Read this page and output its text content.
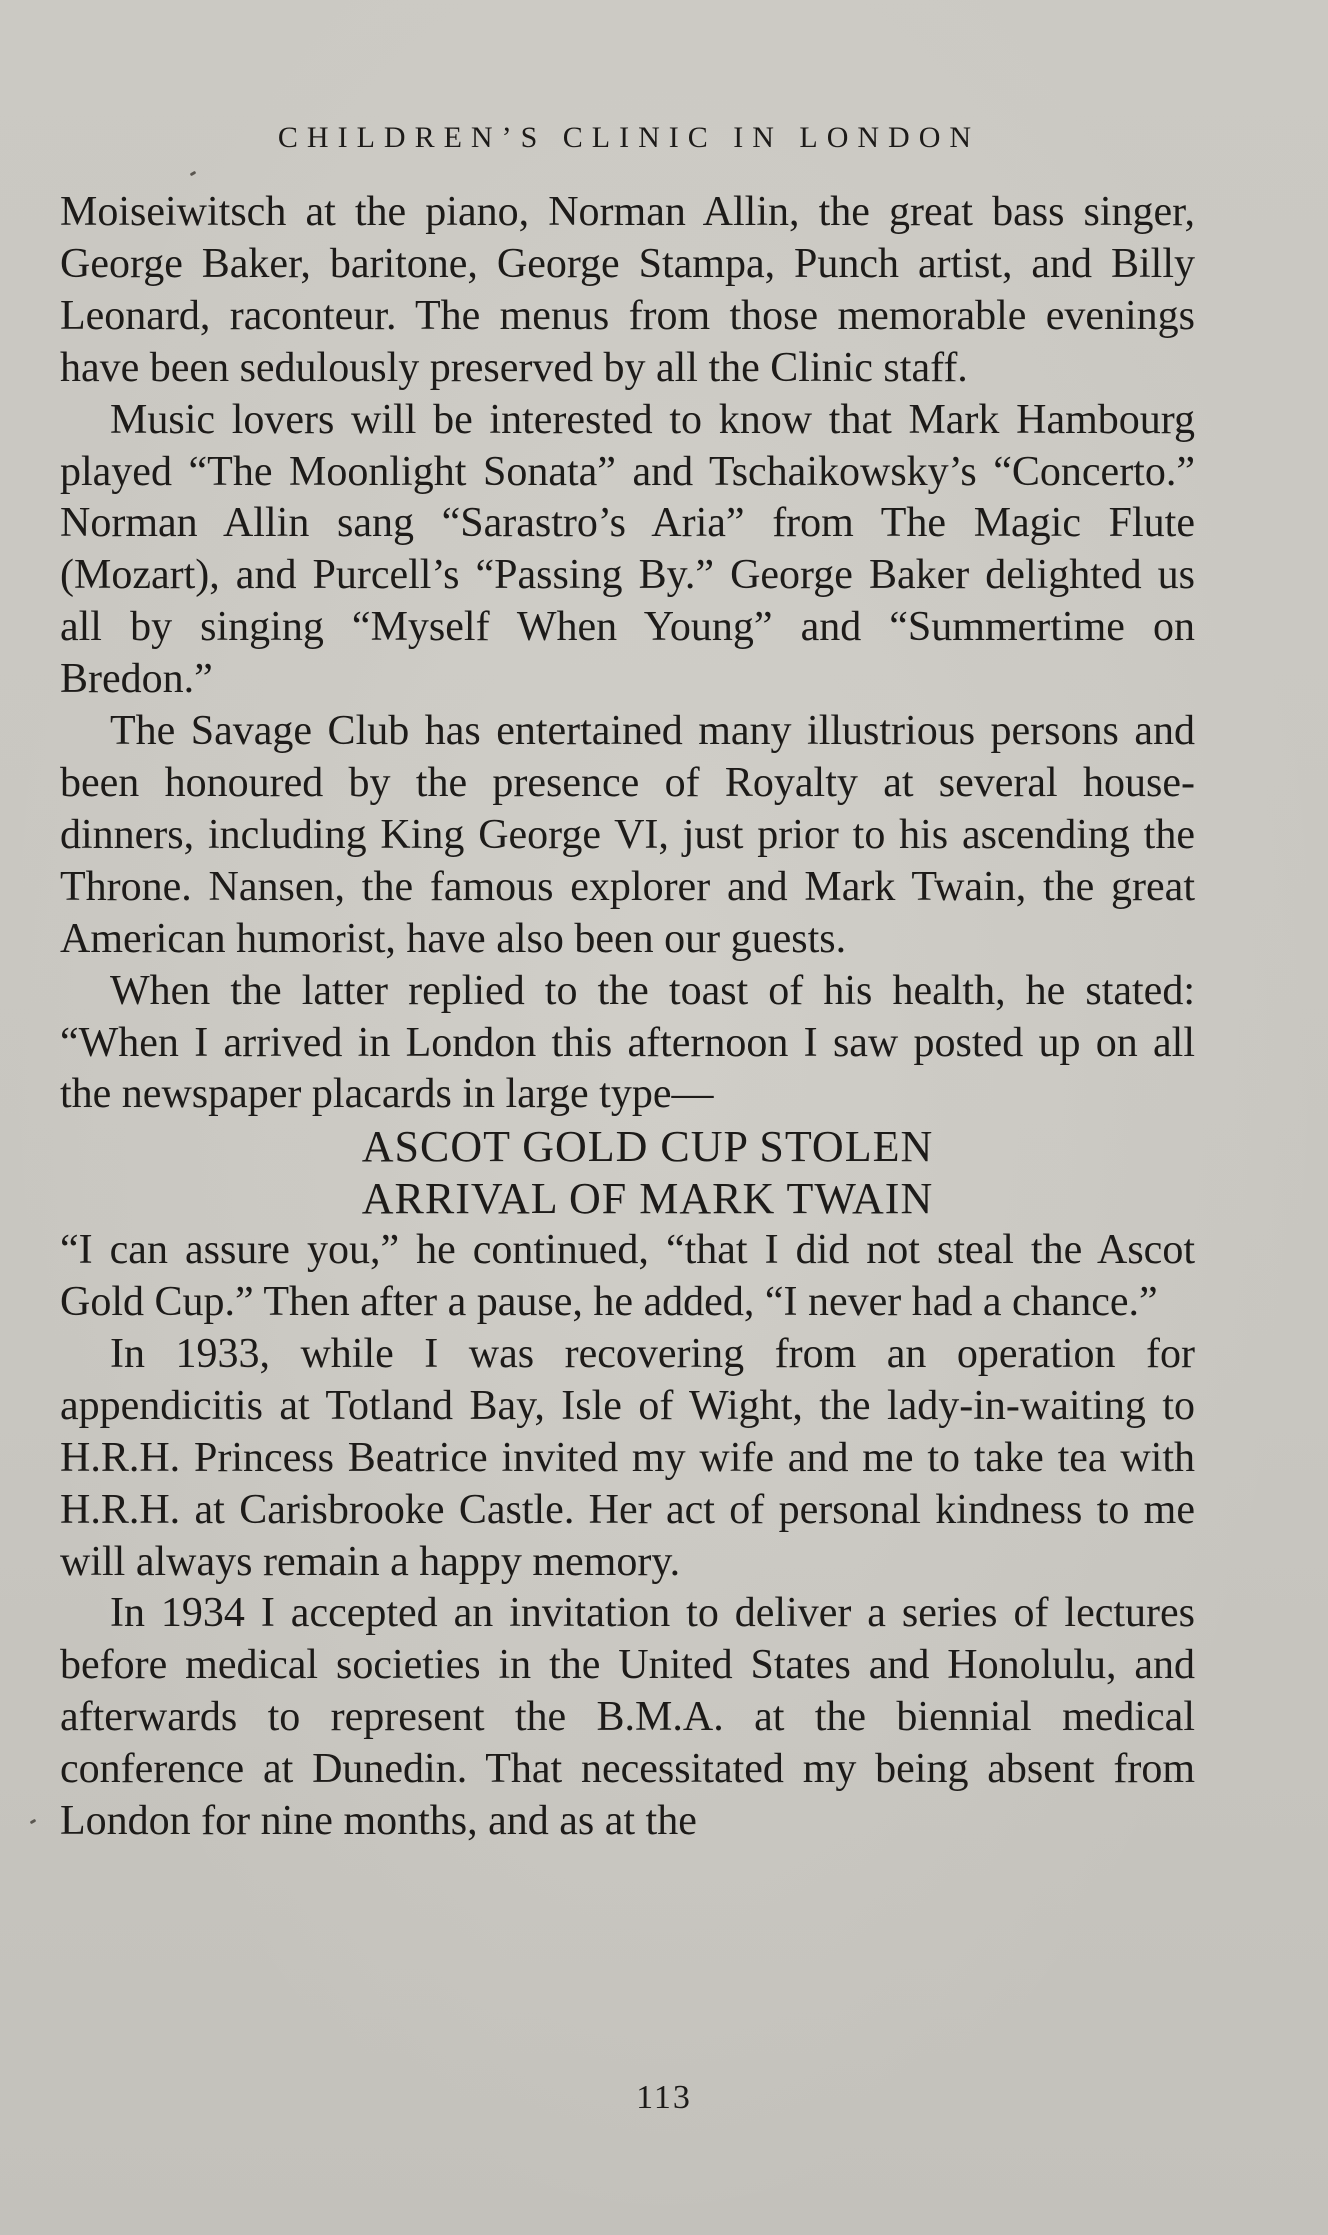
CHILDREN’S CLINIC IN LONDON

Moiseiwitsch at the piano, Norman Allin, the great bass singer, George Baker, baritone, George Stampa, Punch artist, and Billy Leonard, raconteur. The menus from those memorable evenings have been sedulously preserved by all the Clinic staff.

Music lovers will be interested to know that Mark Hambourg played “The Moonlight Sonata” and Tschaikowsky’s “Concerto.” Norman Allin sang “Sarastro’s Aria” from The Magic Flute (Mozart), and Purcell’s “Passing By.” George Baker delighted us all by singing “Myself When Young” and “Summertime on Bredon.”

The Savage Club has entertained many illustrious persons and been honoured by the presence of Royalty at several house-dinners, including King George VI, just prior to his ascending the Throne. Nansen, the famous explorer and Mark Twain, the great American humorist, have also been our guests.

When the latter replied to the toast of his health, he stated: “When I arrived in London this afternoon I saw posted up on all the newspaper placards in large type—

ASCOT GOLD CUP STOLEN
ARRIVAL OF MARK TWAIN

“I can assure you,” he continued, “that I did not steal the Ascot Gold Cup.” Then after a pause, he added, “I never had a chance.”

In 1933, while I was recovering from an operation for appendicitis at Totland Bay, Isle of Wight, the lady-in-waiting to H.R.H. Princess Beatrice invited my wife and me to take tea with H.R.H. at Carisbrooke Castle. Her act of personal kindness to me will always remain a happy memory.

In 1934 I accepted an invitation to deliver a series of lectures before medical societies in the United States and Honolulu, and afterwards to represent the B.M.A. at the biennial medical conference at Dunedin. That necessitated my being absent from London for nine months, and as at the

113
